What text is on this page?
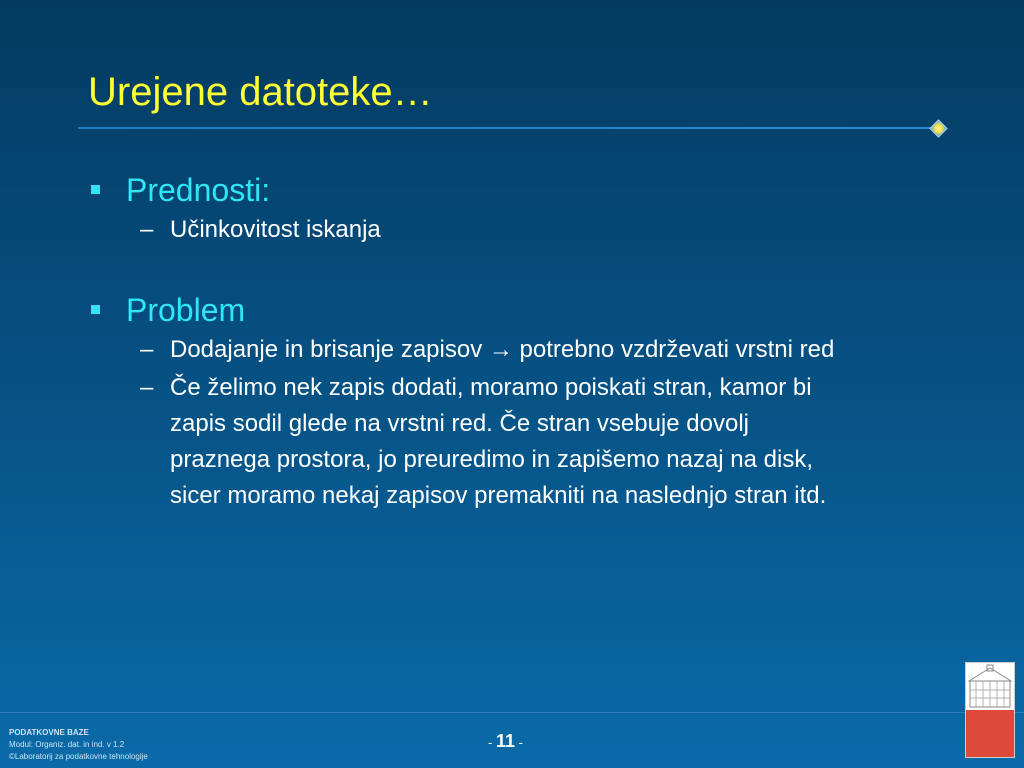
Urejene datoteke…
Prednosti:
– Učinkovitost iskanja
Problem
– Dodajanje in brisanje zapisov → potrebno vzdrževati vrstni red
– Če želimo nek zapis dodati, moramo poiskati stran, kamor bi zapis sodil glede na vrstni red. Če stran vsebuje dovolj praznega prostora, jo preuredimo in zapišemo nazaj na disk, sicer moramo nekaj zapisov premakniti na naslednjo stran itd.
PODATKOVNE BAZE
Modul: Organiz. dat. in ind. v 1.2
©Laboratorij za podatkovne tehnologije
- 11 -
